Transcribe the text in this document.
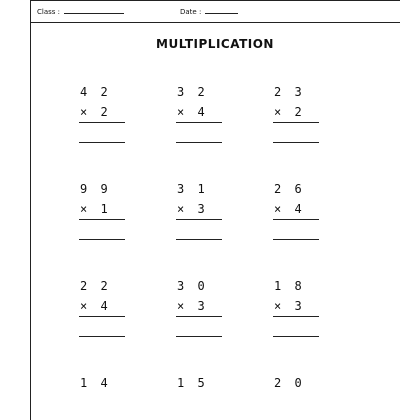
Class :	Date :
MULTIPLICATION
4 2
× 2
3 2
× 4
2 3
× 2
9 9
× 1
3 1
× 3
2 6
× 4
2 2
× 4
3 0
× 3
1 8
× 3
1 4	1 5	2 0
